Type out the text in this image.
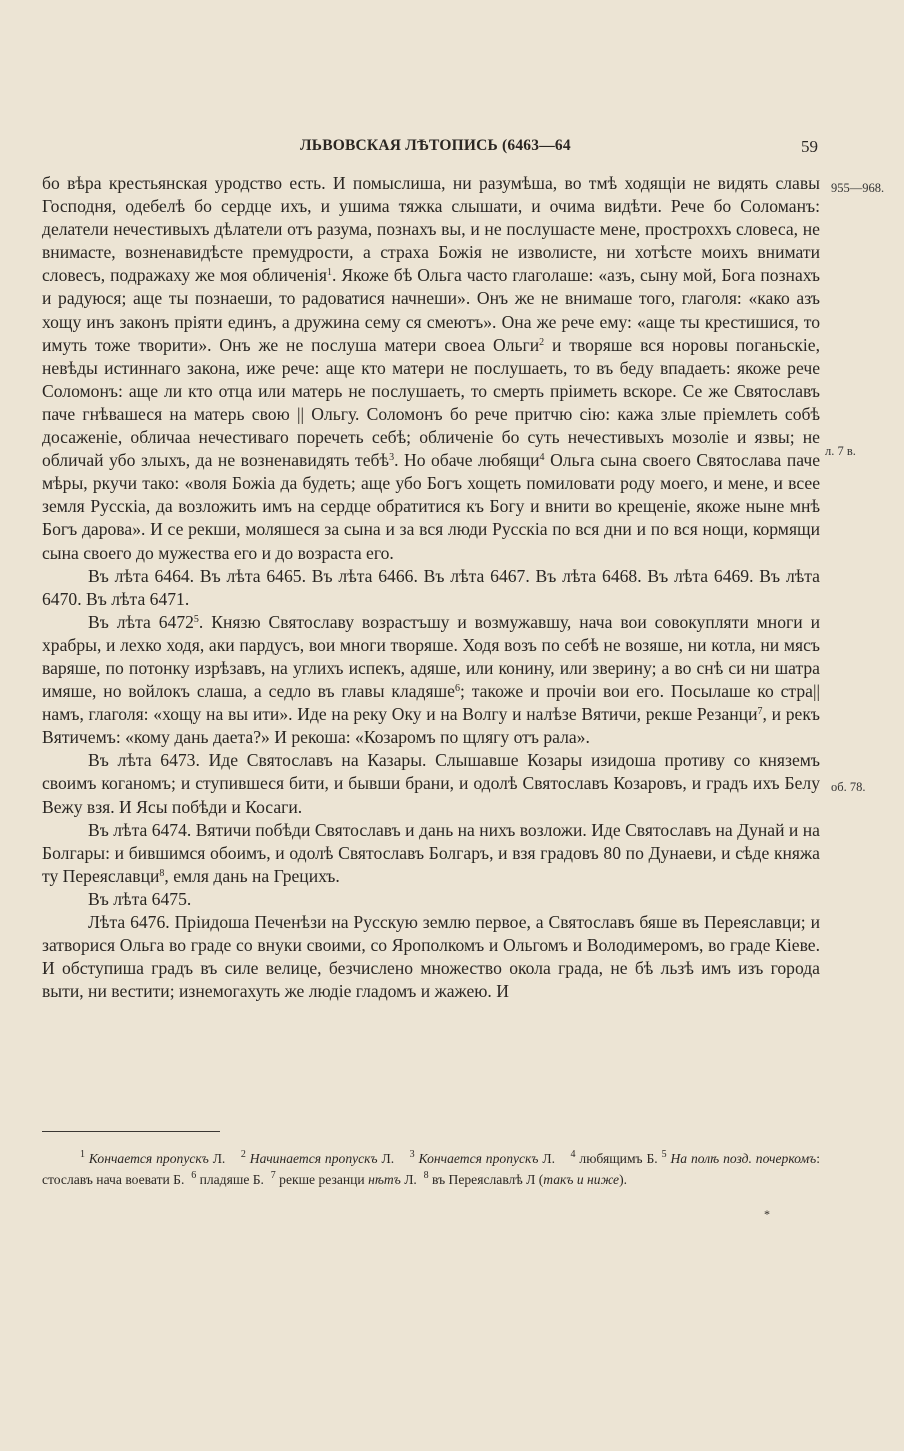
ЛЬВОВСКАЯ ЛѢТОПИСЬ (6463—64	59
955—968.
л. 7 в.
об. 78.

бо вѣра крестьянская уродство есть. И помыслиша, ни разумѣша, во тмѣ ходящіи не видять славы Господня, одебелѣ бо сердце ихъ, и ушима тяжка слышати, и очима видѣти. Рече бо Соломанъ: делатели нечестивыхъ дѣлатели отъ разума, познахъ вы, и не послушасте мене, простроххъ словеса, не внимасте, возненавидѣсте премудрости, а страха Божія не изволисте, ни хотѣсте моихъ внимати словесъ, подражаху же моя обличенія$^1$. Якоже бѣ Ольга часто глаголаше: «азъ, сыну мой, Бога познахъ и радуюся; аще ты познаеши, то радоватися начнеши». Онъ же не внимаше того, глаголя: «како азъ хощу инъ законъ пріяти единъ, а дружина сему ся смеютъ». Она же рече ему: «аще ты крестишися, то имуть тоже творити». Онъ же не послуша матери своеа Ольги$^2$ и творяше вся норовы поганьскіе, невѣды истиннаго закона, иже рече: аще кто матери не послушаеть, то въ беду впадаеть: якоже рече Соломонъ: аще ли кто отца или матерь не послушаеть, то смерть пріиметь вскоре. Се же Святославъ паче гнѣвашеся на матерь свою || Ольгу. Соломонъ бо рече притчю сію: кажа злые пріемлеть собѣ досаженіе, обличаа нечестиваго поречеть себѣ; обличеніе бо суть нечестивыхъ мозоліе и язвы; не обличай убо злыхъ, да не возненавидять тебѣ$^3$. Но обаче любящи$^4$ Ольга сына своего Святослава паче мѣры, ркучи тако: «воля Божіа да будеть; аще убо Богъ хощеть помиловати роду моего, и мене, и всее земля Русскіа, да возложить имъ на сердце обратитися къ Богу и внити во крещеніе, якоже ныне мнѣ Богъ дарова». И се рекши, моляшеся за сына и за вся люди Русскіа по вся дни и по вся нощи, кормящи сына своего до мужества его и до возраста его.

Въ лѣта 6464. Въ лѣта 6465. Въ лѣта 6466. Въ лѣта 6467. Въ лѣта 6468. Въ лѣта 6469. Въ лѣта 6470. Въ лѣта 6471.

Въ лѣта 6472$^5$. Князю Святославу возрастъшу и возмужавшу, нача вои совокупляти многи и храбры, и лехко ходя, аки пардусъ, вои многи творяше. Ходя возъ по себѣ не возяше, ни котла, ни мясъ варяше, по потонку изрѣзавъ, на углихъ испекъ, адяше, или конину, или зверину; а во снѣ си ни шатра имяше, но войлокъ слаша, а седло въ главы кладяше$^6$; такоже и прочіи вои его. Посылаше ко стра||намъ, глаголя: «хощу на вы ити». Иде на реку Оку и на Волгу и налѣзе Вятичи, рекше Резанци$^7$, и рекъ Вятичемъ: «кому дань даета?» И рекоша: «Козаромъ по щлягу отъ рала».

Въ лѣта 6473. Иде Святославъ на Казары. Слышавше Козары изидоша противу со княземъ своимъ коганомъ; и ступившеся бити, и бывши брани, и одолѣ Святославъ Козаровъ, и градъ ихъ Белу Вежу взя. И Ясы побѣди и Косаги.

Въ лѣта 6474. Вятичи побѣди Святославъ и дань на нихъ возложи. Иде Святославъ на Дунай и на Болгары: и бившимся обоимъ, и одолѣ Святославъ Болгаръ, и взя градовъ 80 по Дунаеви, и сѣде княжа ту Переяславци$^8$, емля дань на Грецихъ.

Въ лѣта 6475.

Лѣта 6476. Пріидоша Печенѣзи на Русскую землю первое, а Святославъ бяше въ Переяславци; и затворися Ольга во граде со внуки своими, со Ярополкомъ и Ольгомъ и Володимеромъ, во граде Кіеве. И обступиша градъ въ силе велице, безчислено множество окола града, не бѣ льзѣ имъ изъ города выти, ни вестити; изнемогахуть же людіе гладомъ и жажею. И

$^1$ Кончается пропускъ Л. $^2$ Начинается пропускъ Л. $^3$ Кончается пропускъ Л. $^4$ любящимъ Б. $^5$ На полѣ позд. почеркомъ: стославъ нача воевати Б. $^6$ пладяше Б. $^7$ рекше резанци нѣтъ Л. $^8$ въ Переяславлѣ Л (такъ и ниже).

*
